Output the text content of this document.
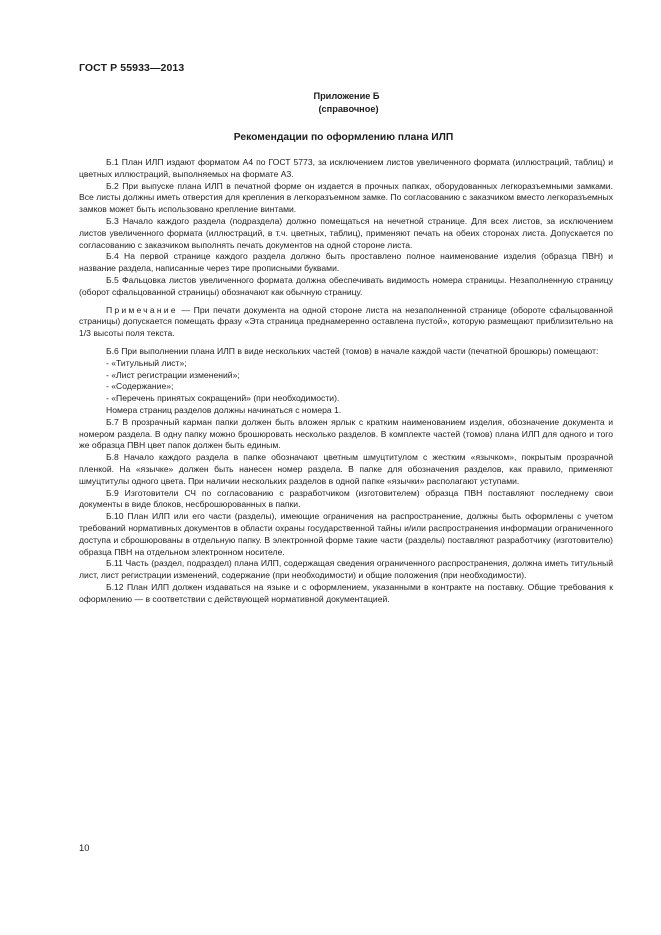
ГОСТ Р 55933—2013
Приложение Б
(справочное)
Рекомендации по оформлению плана ИЛП

Б.1 План ИЛП издают форматом А4 по ГОСТ 5773, за исключением листов увеличенного формата (иллюстраций, таблиц) и цветных иллюстраций, выполняемых на формате А3.

Б.2 При выпуске плана ИЛП в печатной форме он издается в прочных папках, оборудованных легкоразъемными замками. Все листы должны иметь отверстия для крепления в легкоразъемном замке. По согласованию с заказчиком вместо легкоразъемных замков может быть использовано крепление винтами.

Б.3 Начало каждого раздела (подраздела) должно помещаться на нечетной странице. Для всех листов, за исключением листов увеличенного формата (иллюстраций, в т.ч. цветных, таблиц), применяют печать на обеих сторонах листа. Допускается по согласованию с заказчиком выполнять печать документов на одной стороне листа.

Б.4 На первой странице каждого раздела должно быть проставлено полное наименование изделия (образца ПВН) и название раздела, написанные через тире прописными буквами.

Б.5 Фальцовка листов увеличенного формата должна обеспечивать видимость номера страницы. Незаполненную страницу (оборот сфальцованной страницы) обозначают как обычную страницу.

Примечание — При печати документа на одной стороне листа на незаполненной странице (обороте сфальцованной страницы) допускается помещать фразу «Эта страница преднамеренно оставлена пустой», которую размещают приблизительно на 1/3 высоты поля текста.

Б.6 При выполнении плана ИЛП в виде нескольких частей (томов) в начале каждой части (печатной брошюры) помещают:

- «Титульный лист»;

- «Лист регистрации изменений»;

- «Содержание»;

- «Перечень принятых сокращений» (при необходимости).

Номера страниц разделов должны начинаться с номера 1.

Б.7 В прозрачный карман папки должен быть вложен ярлык с кратким наименованием изделия, обозначение документа и номером раздела. В одну папку можно брошюровать несколько разделов. В комплекте частей (томов) плана ИЛП для одного и того же образца ПВН цвет папок должен быть единым.

Б.8 Начало каждого раздела в папке обозначают цветным шмуцтитулом с жестким «язычком», покрытым прозрачной пленкой. На «язычке» должен быть нанесен номер раздела. В папке для обозначения разделов, как правило, применяют шмуцтитулы одного цвета. При наличии нескольких разделов в одной папке «язычки» располагают уступами.

Б.9 Изготовители СЧ по согласованию с разработчиком (изготовителем) образца ПВН поставляют последнему свои документы в виде блоков, несброшюрованных в папки.

Б.10 План ИЛП или его части (разделы), имеющие ограничения на распространение, должны быть оформлены с учетом требований нормативных документов в области охраны государственной тайны и/или распространения информации ограниченного доступа и сброшюрованы в отдельную папку. В электронной форме такие части (разделы) поставляют разработчику (изготовителю) образца ПВН на отдельном электронном носителе.

Б.11 Часть (раздел, подраздел) плана ИЛП, содержащая сведения ограниченного распространения, должна иметь титульный лист, лист регистрации изменений, содержание (при необходимости) и общие положения (при необходимости).

Б.12 План ИЛП должен издаваться на языке и с оформлением, указанными в контракте на поставку. Общие требования к оформлению — в соответствии с действующей нормативной документацией.

10
